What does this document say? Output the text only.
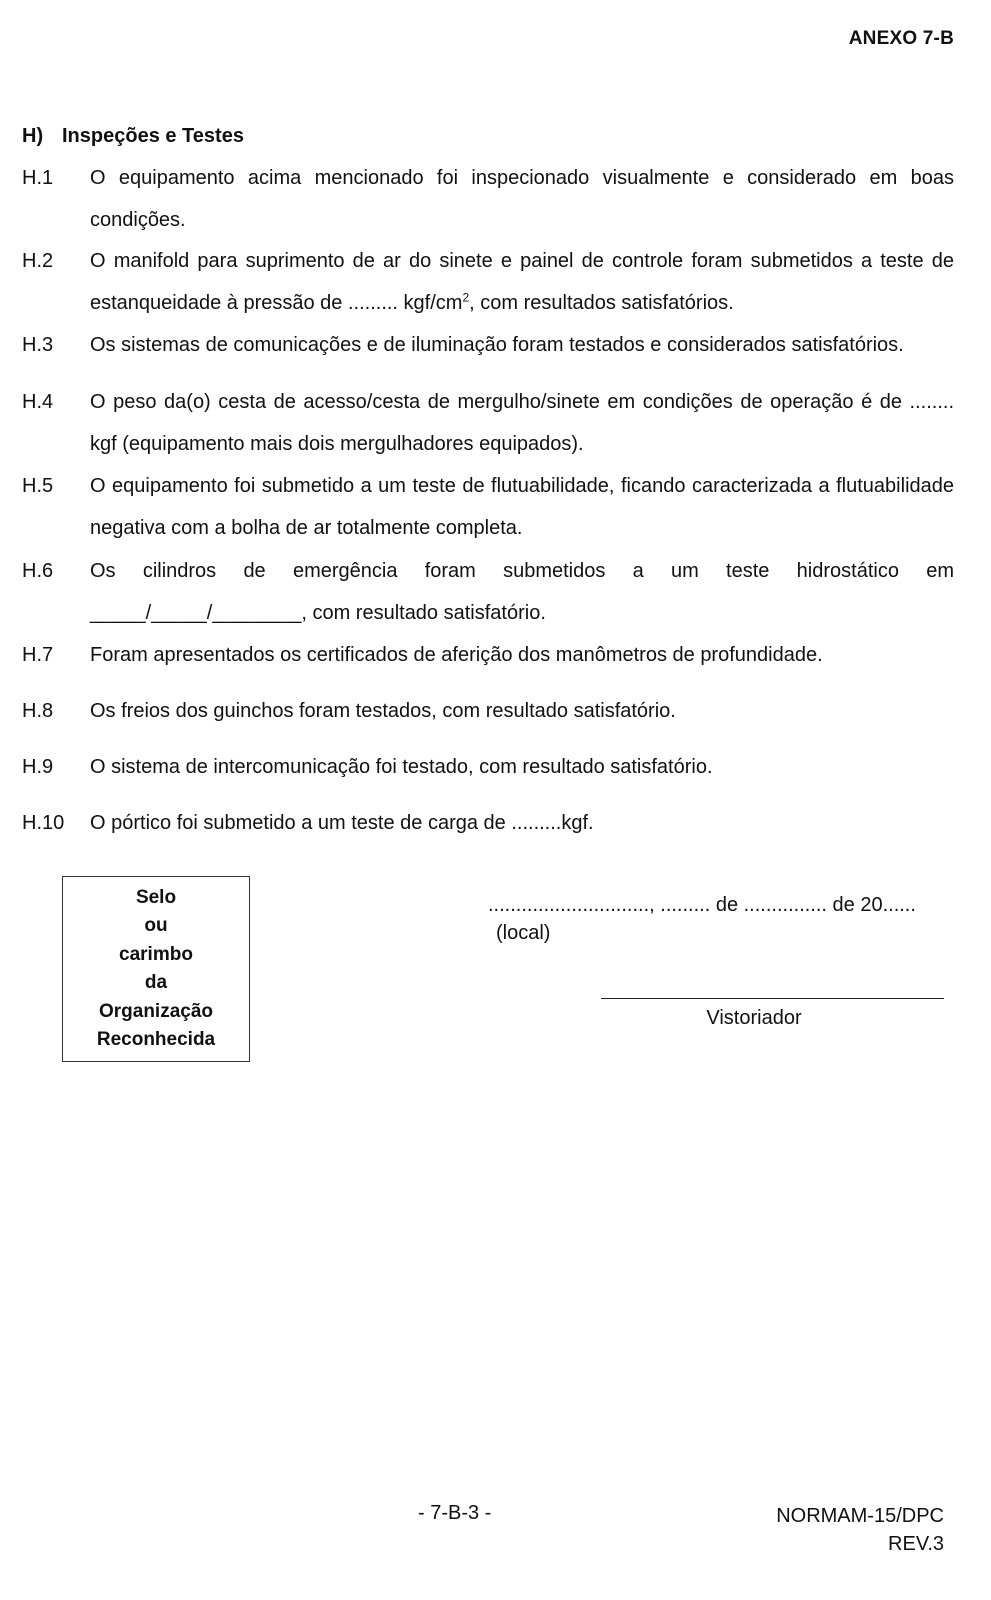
ANEXO 7-B
H) Inspeções e Testes
H.1	O equipamento acima mencionado foi inspecionado visualmente e considerado em boas condições.
H.2	O manifold para suprimento de ar do sinete e painel de controle foram submetidos a teste de estanqueidade à pressão de ......... kgf/$cm^2$, com resultados satisfatórios.
H.3	Os sistemas de comunicações e de iluminação foram testados e considerados satisfatórios.
H.4	O peso da(o) cesta de acesso/cesta de mergulho/sinete em condições de operação é de ........ kgf (equipamento mais dois mergulhadores equipados).
H.5	O equipamento foi submetido a um teste de flutuabilidade, ficando caracterizada a flutuabilidade negativa com a bolha de ar totalmente completa.
H.6	Os cilindros de emergência foram submetidos a um teste hidrostático em _____/_____/________, com resultado satisfatório.
H.7	Foram apresentados os certificados de aferição dos manômetros de profundidade.
H.8	Os freios dos guinchos foram testados, com resultado satisfatório.
H.9	O sistema de intercomunicação foi testado, com resultado satisfatório.
H.10	O pórtico foi submetido a um teste de carga de .........kgf.
Selo
ou
carimbo
da
Organização
Reconhecida
............................., ......... de ............... de 20......
(local)
Vistoriador
- 7-B-3 -	NORMAM-15/DPC
REV.3
